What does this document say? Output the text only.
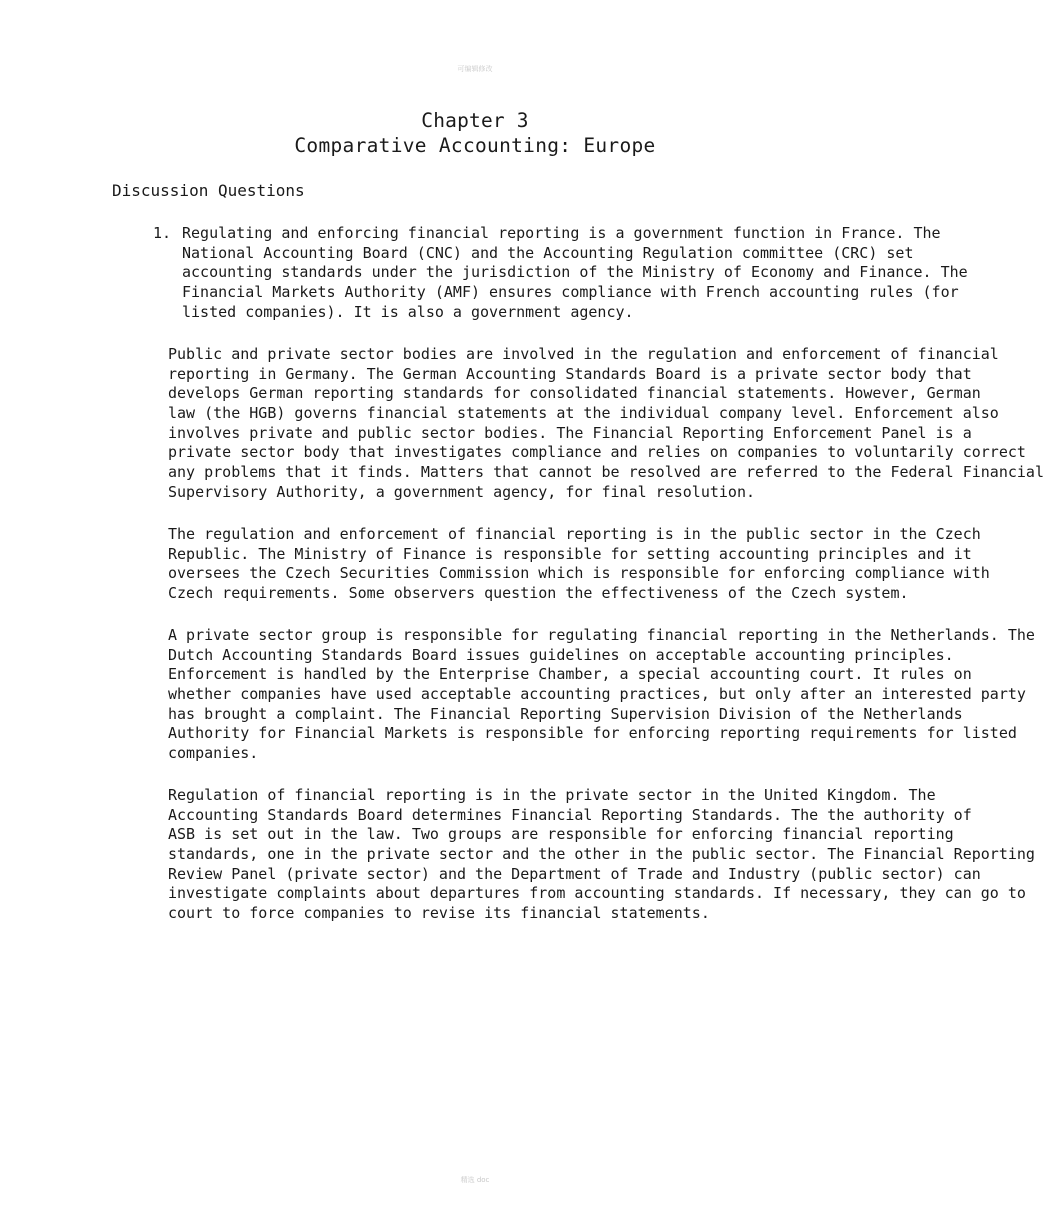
可编辑修改
Chapter 3
Comparative Accounting: Europe
Discussion Questions
1. Regulating and enforcing financial reporting is a government function in France. The
National Accounting Board (CNC) and the Accounting Regulation committee (CRC) set
accounting standards under the jurisdiction of the Ministry of Economy and Finance. The
Financial Markets Authority (AMF) ensures compliance with French accounting rules (for
listed companies). It is also a government agency.
Public and private sector bodies are involved in the regulation and enforcement of financial
reporting in Germany. The German Accounting Standards Board is a private sector body that
develops German reporting standards for consolidated financial statements. However, German
law (the HGB) governs financial statements at the individual company level. Enforcement also
involves private and public sector bodies. The Financial Reporting Enforcement Panel is a
private sector body that investigates compliance and relies on companies to voluntarily correct
any problems that it finds. Matters that cannot be resolved are referred to the Federal Financial
Supervisory Authority, a government agency, for final resolution.
The regulation and enforcement of financial reporting is in the public sector in the Czech
Republic. The Ministry of Finance is responsible for setting accounting principles and it
oversees the Czech Securities Commission which is responsible for enforcing compliance with
Czech requirements. Some observers question the effectiveness of the Czech system.
A private sector group is responsible for regulating financial reporting in the Netherlands. The
Dutch Accounting Standards Board issues guidelines on acceptable accounting principles.
Enforcement is handled by the Enterprise Chamber, a special accounting court. It rules on
whether companies have used acceptable accounting practices, but only after an interested party
has brought a complaint. The Financial Reporting Supervision Division of the Netherlands
Authority for Financial Markets is responsible for enforcing reporting requirements for listed
companies.
Regulation of financial reporting is in the private sector in the United Kingdom. The
Accounting Standards Board determines Financial Reporting Standards. The the authority of
ASB is set out in the law. Two groups are responsible for enforcing financial reporting
standards, one in the private sector and the other in the public sector. The Financial Reporting
Review Panel (private sector) and the Department of Trade and Industry (public sector) can
investigate complaints about departures from accounting standards. If necessary, they can go to
court to force companies to revise its financial statements.
精选 doc
